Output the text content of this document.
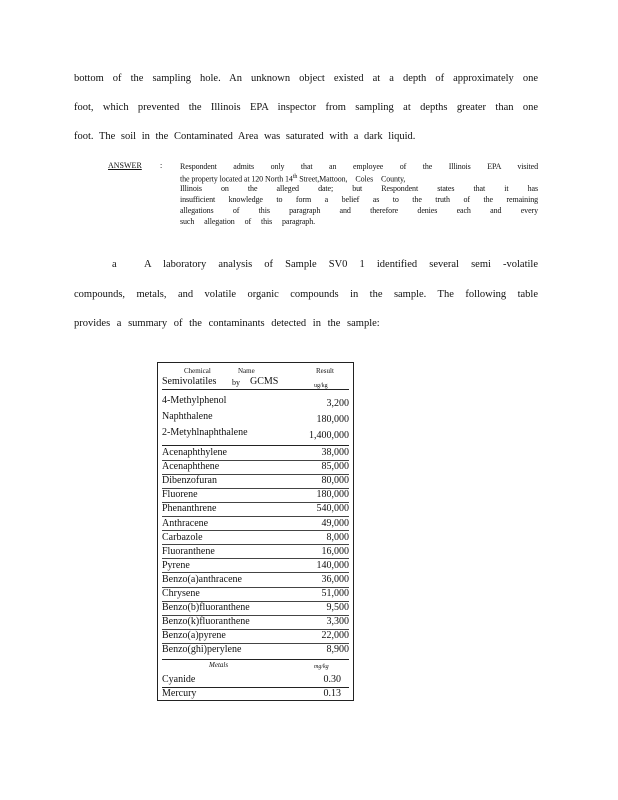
bottom of the sampling hole. An unknown object existed at a depth of approximately one
foot, which prevented the Illinois EPA inspector from sampling at depths greater than one
foot. The soil in the Contaminated Area was saturated with a dark liquid.
ANSWER : Respondent admits only that an employee of the Illinois EPA visited
the property located at 120 North 14th Street,Mattoon, Coles County,
Illinois on the alleged date; but Respondent states that it has
insufficient knowledge to form a belief as to the truth of the remaining
allegations of this paragraph and therefore denies each and every
such allegation of this paragraph.
a	A laboratory analysis of Sample SV0 1 identified several semi -volatile
compounds, metals, and volatile organic compounds in the sample. The following table
provides a summary of the contaminants detected in the sample:
Chemical	Name	Result
Semivolatiles by GCMS	ug/kg
4-Methylphenol	3,200
Naphthalene	180,000
2-Metyhlnaphthalene	1,400,000
Acenaphthylene	38,000
Acenaphthene	85,000
Dibenzofuran	80,000
Fluorene	180,000
Phenanthrene	540,000
Anthracene	49,000
Carbazole	8,000
Fluoranthene	16,000
Pyrene	140,000
Benzo(a)anthracene	36,000
Chrysene	51,000
Benzo(b)fluoranthene	9,500
Benzo(k)fluoranthene	3,300
Benzo(a)pyrene	22,000
Benzo(ghi)perylene	8,900
Metals	mg/kg
Cyanide	0.30
Mercury	0.13
